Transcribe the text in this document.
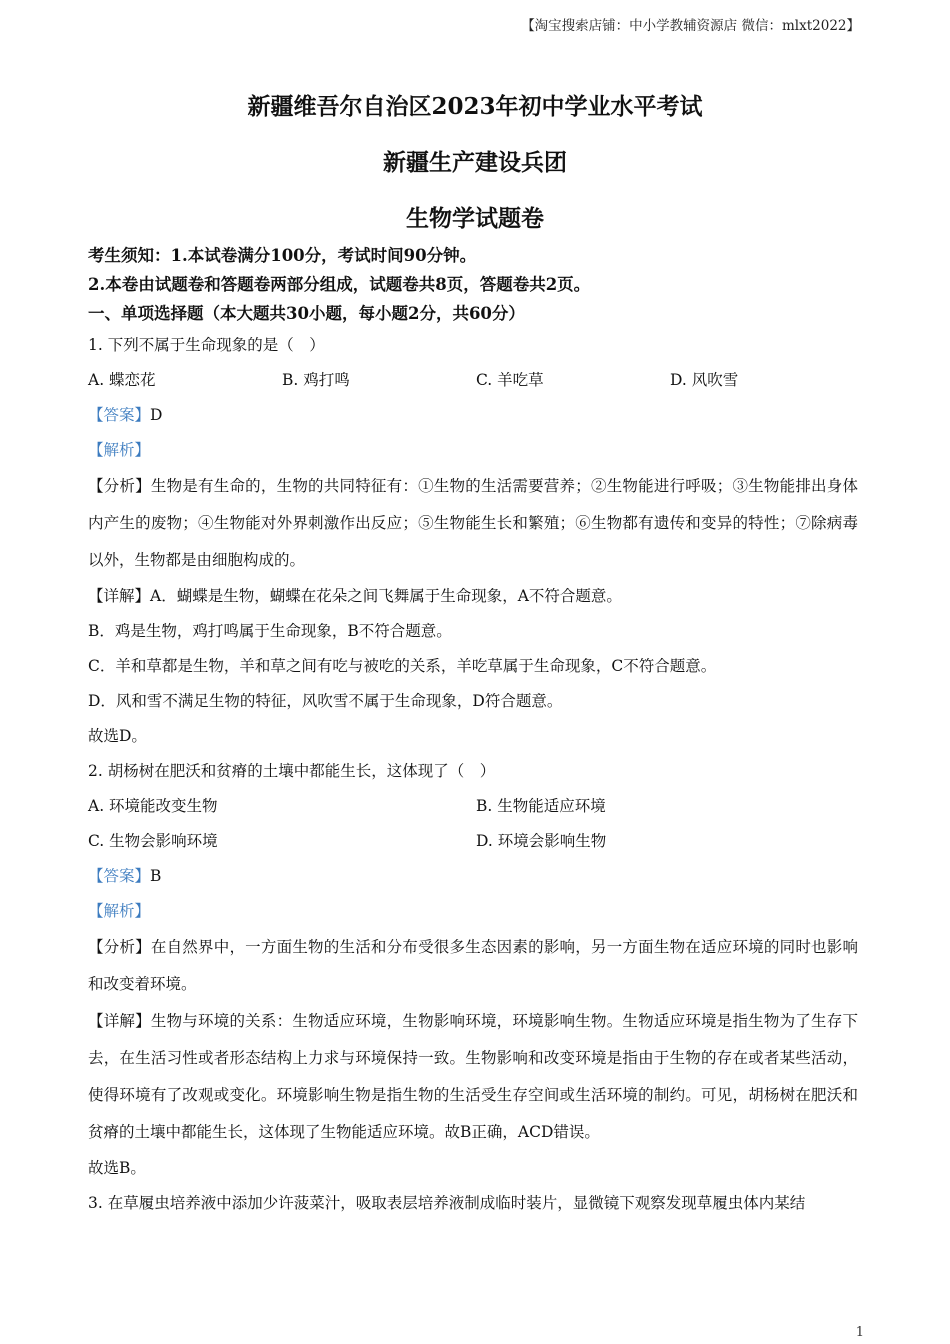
【淘宝搜索店铺：中小学教辅资源店 微信：mlxt2022】
新疆维吾尔自治区2023年初中学业水平考试
新疆生产建设兵团
生物学试题卷
考生须知：1.本试卷满分100分，考试时间90分钟。
2.本卷由试题卷和答题卷两部分组成，试题卷共8页，答题卷共2页。
一、单项选择题（本大题共30小题，每小题2分，共60分）
1. 下列不属于生命现象的是（　）
A. 蝶恋花	B. 鸡打鸣	C. 羊吃草	D. 风吹雪
【答案】D
【解析】
【分析】生物是有生命的，生物的共同特征有：①生物的生活需要营养；②生物能进行呼吸；③生物能排出身体内产生的废物；④生物能对外界刺激作出反应；⑤生物能生长和繁殖；⑥生物都有遗传和变异的特性；⑦除病毒以外，生物都是由细胞构成的。
【详解】A．蝴蝶是生物，蝴蝶在花朵之间飞舞属于生命现象，A不符合题意。
B．鸡是生物，鸡打鸣属于生命现象，B不符合题意。
C．羊和草都是生物，羊和草之间有吃与被吃的关系，羊吃草属于生命现象，C不符合题意。
D．风和雪不满足生物的特征，风吹雪不属于生命现象，D符合题意。
故选D。
2. 胡杨树在肥沃和贫瘠的土壤中都能生长，这体现了（　）
A. 环境能改变生物	B. 生物能适应环境
C. 生物会影响环境	D. 环境会影响生物
【答案】B
【解析】
【分析】在自然界中，一方面生物的生活和分布受很多生态因素的影响，另一方面生物在适应环境的同时也影响和改变着环境。
【详解】生物与环境的关系：生物适应环境，生物影响环境，环境影响生物。生物适应环境是指生物为了生存下去，在生活习性或者形态结构上力求与环境保持一致。生物影响和改变环境是指由于生物的存在或者某些活动，使得环境有了改观或变化。环境影响生物是指生物的生活受生存空间或生活环境的制约。可见，胡杨树在肥沃和贫瘠的土壤中都能生长，这体现了生物能适应环境。故B正确，ACD错误。
故选B。
3. 在草履虫培养液中添加少许菠菜汁，吸取表层培养液制成临时装片，显微镜下观察发现草履虫体内某结
1
